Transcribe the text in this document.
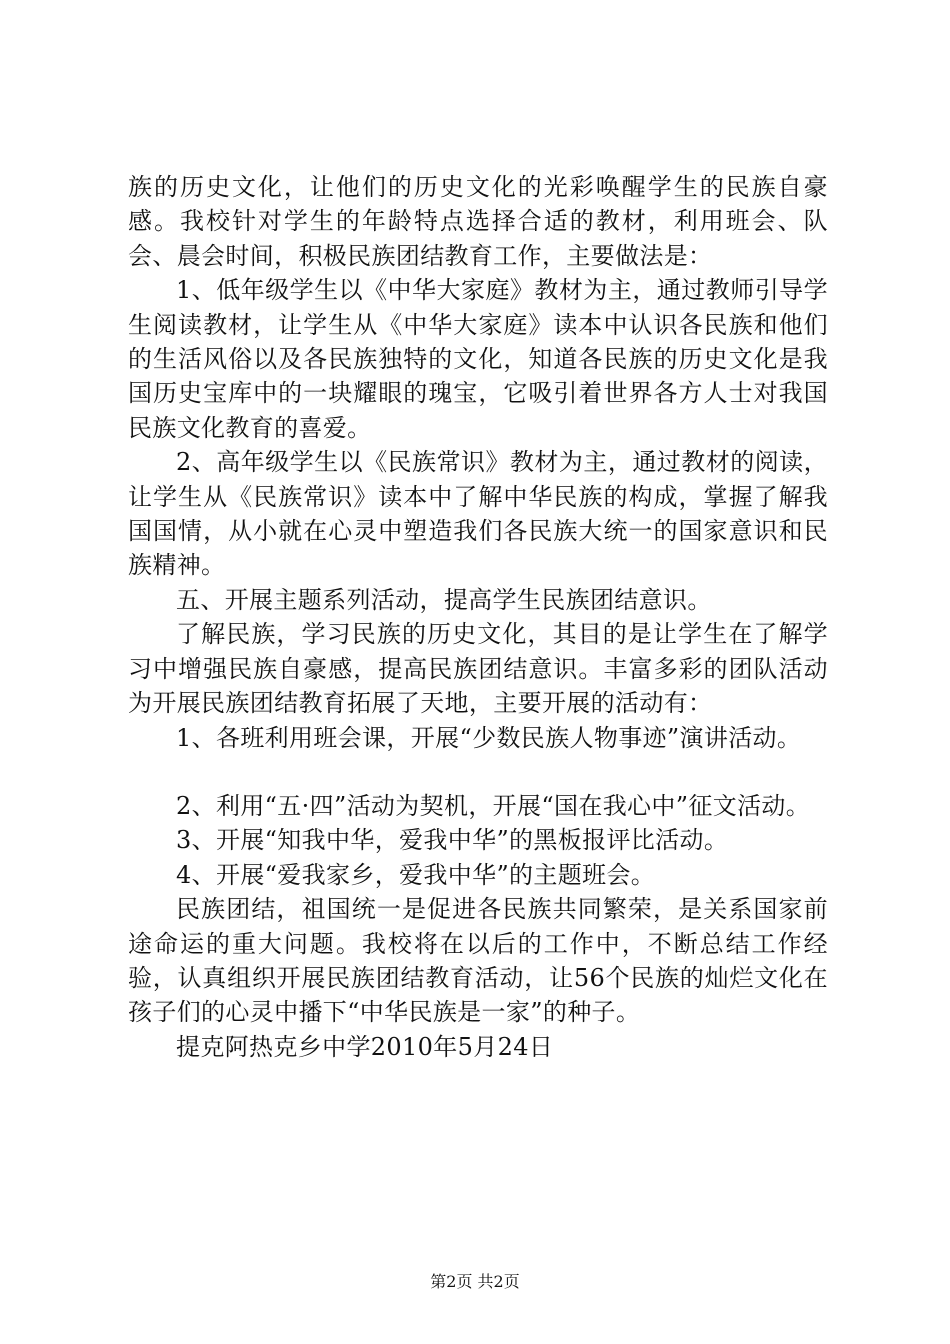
族的历史文化，让他们的历史文化的光彩唤醒学生的民族自豪感。我校针对学生的年龄特点选择合适的教材，利用班会、队会、晨会时间，积极民族团结教育工作，主要做法是：

1、低年级学生以《中华大家庭》教材为主，通过教师引导学生阅读教材，让学生从《中华大家庭》读本中认识各民族和他们的生活风俗以及各民族独特的文化，知道各民族的历史文化是我国历史宝库中的一块耀眼的瑰宝，它吸引着世界各方人士对我国民族文化教育的喜爱。

2、高年级学生以《民族常识》教材为主，通过教材的阅读，让学生从《民族常识》读本中了解中华民族的构成，掌握了解我国国情，从小就在心灵中塑造我们各民族大统一的国家意识和民族精神。

五、开展主题系列活动，提高学生民族团结意识。

了解民族，学习民族的历史文化，其目的是让学生在了解学习中增强民族自豪感，提高民族团结意识。丰富多彩的团队活动为开展民族团结教育拓展了天地，主要开展的活动有：

1、各班利用班会课，开展“少数民族人物事迹”演讲活动。

2、利用“五·四”活动为契机，开展“国在我心中”征文活动。

3、开展“知我中华，爱我中华”的黑板报评比活动。

4、开展“爱我家乡，爱我中华”的主题班会。

民族团结，祖国统一是促进各民族共同繁荣，是关系国家前途命运的重大问题。我校将在以后的工作中，不断总结工作经验，认真组织开展民族团结教育活动，让56个民族的灿烂文化在孩子们的心灵中播下“中华民族是一家”的种子。

提克阿热克乡中学2010年5月24日

第2页 共2页
